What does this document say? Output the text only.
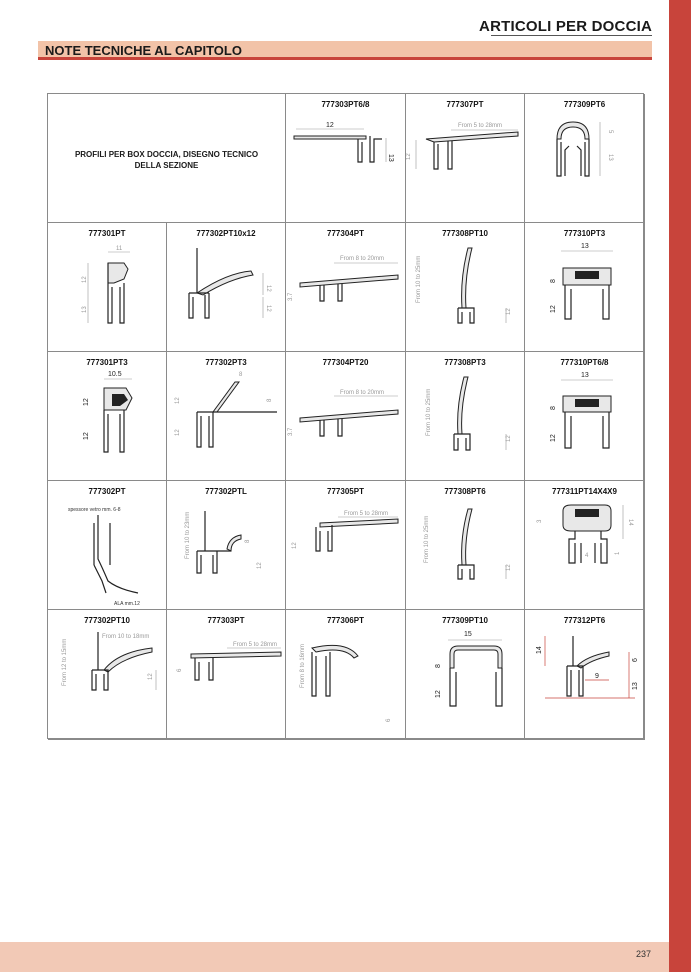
ARTICOLI PER DOCCIA
NOTE TECNICHE AL CAPITOLO
PROFILI PER BOX DOCCIA, DISEGNO TECNICO DELLA SEZIONE
777303PT6/8
12
13
777307PT
From 5 to 28mm
12
777309PT6
5
13
777301PT
11
12
13
777302PT10x12
12
12
777304PT
From 8 to 20mm
3.7
777308PT10
From 10 to 25mm
12
777310PT3
13
8
12
777301PT3
10.5
12
12
777302PT3
8
12
12
8
777304PT20
From 8 to 20mm
3.7
777308PT3
From 10 to 25mm
12
777310PT6/8
13
8
12
777302PT
spessore vetro mm. 6-8
ALA mm.12
777302PTL
From 10 to 23mm	8
12
777305PT
From 5 to 28mm
12
777308PT6
From 10 to 25mm
12
777311PT14X4X9
3	14
4	1
777302PT10
From 10 to 18mm
From 12 to 15mm	12
777303PT
From 5 to 28mm
6
777306PT
From 8 to 16mm
6
777309PT10
15
8
12
777312PT6
14
6
9
13
237
